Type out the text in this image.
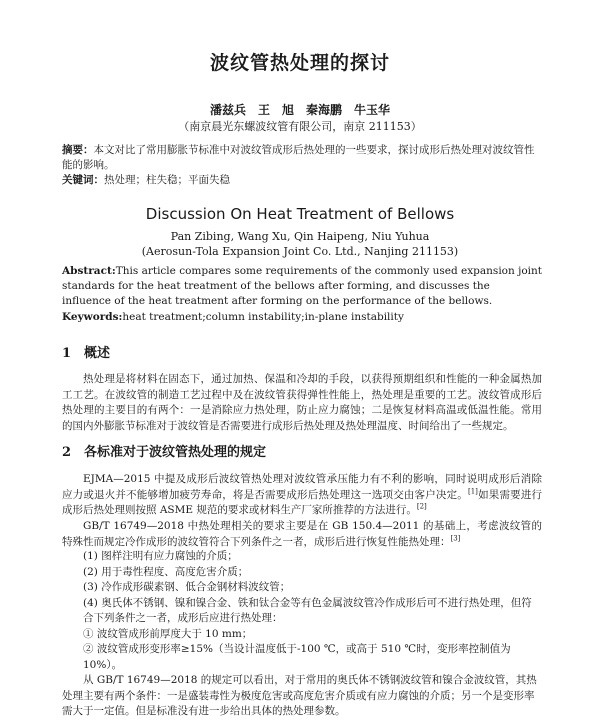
波纹管热处理的探讨
潘兹兵　王　旭　秦海鹏　牛玉华
（南京晨光东螺波纹管有限公司，南京 211153）
摘要：本文对比了常用膨胀节标准中对波纹管成形后热处理的一些要求，探讨成形后热处理对波纹管性能的影响。
关键词：热处理；柱失稳；平面失稳
Discussion On Heat Treatment of Bellows
Pan Zibing, Wang Xu, Qin Haipeng, Niu Yuhua
(Aerosun-Tola Expansion Joint Co. Ltd., Nanjing 211153)
Abstract:This article compares some requirements of the commonly used expansion joint standards for the heat treatment of the bellows after forming, and discusses the influence of the heat treatment after forming on the performance of the bellows.
Keywords:heat treatment;column instability;in-plane instability
1 概述
热处理是将材料在固态下，通过加热、保温和冷却的手段，以获得预期组织和性能的一种金属热加工工艺。在波纹管的制造工艺过程中及在波纹管获得弹性性能上，热处理是重要的工艺。波纹管成形后热处理的主要目的有两个：一是消除应力热处理，防止应力腐蚀；二是恢复材料高温或低温性能。常用的国内外膨胀节标准对于波纹管是否需要进行成形后热处理及热处理温度、时间给出了一些规定。
2 各标准对于波纹管热处理的规定
EJMA—2015 中提及成形后波纹管热处理对波纹管承压能力有不利的影响，同时说明成形后消除应力或退火并不能够增加疲劳寿命，将是否需要成形后热处理这一选项交由客户决定。[1]如果需要进行成形后热处理则按照 ASME 规范的要求或材料生产厂家所推荐的方法进行。[2]
GB/T 16749—2018 中热处理相关的要求主要是在 GB 150.4—2011 的基础上，考虑波纹管的特殊性而规定冷作成形的波纹管符合下列条件之一者，成形后进行恢复性能热处理：[3]
(1) 图样注明有应力腐蚀的介质；
(2) 用于毒性程度、高度危害介质；
(3) 冷作成形碳素钢、低合金钢材料波纹管；
(4) 奥氏体不锈钢、镍和镍合金、铁和钛合金等有色金属波纹管冷作成形后可不进行热处理，但符合下列条件之一者，成形后应进行热处理：
① 波纹管成形前厚度大于 10 mm；
② 波纹管成形变形率≥15%（当设计温度低于-100 ℃，或高于 510 ℃时，变形率控制值为 10%）。
从 GB/T 16749—2018 的规定可以看出，对于常用的奥氏体不锈钢波纹管和镍合金波纹管，其热处理主要有两个条件：一是盛装毒性为极度危害或高度危害介质或有应力腐蚀的介质；另一个是变形率需大于一定值。但是标准没有进一步给出具体的热处理参数。
